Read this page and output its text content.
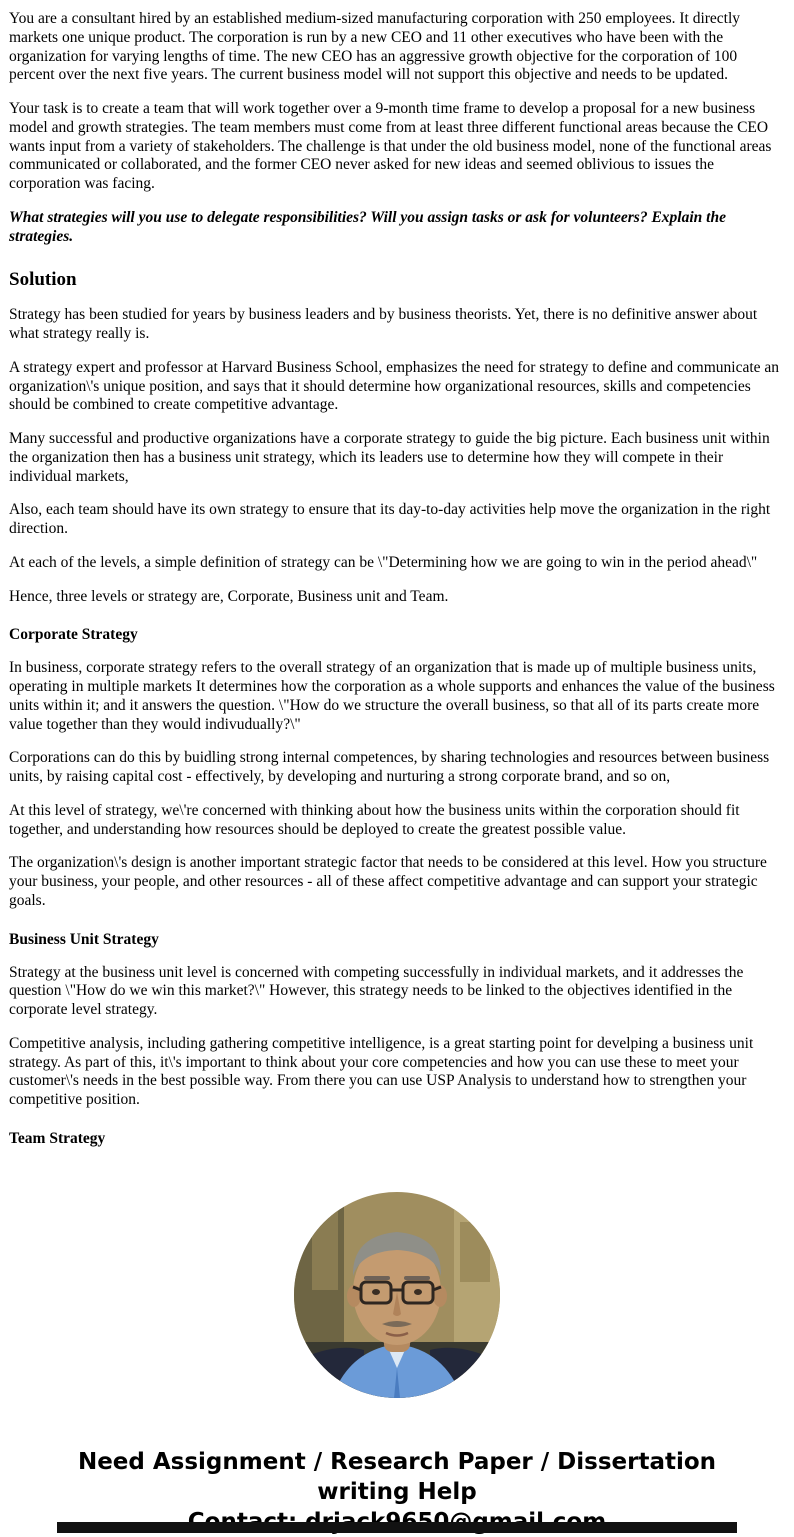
You are a consultant hired by an established medium-sized manufacturing corporation with 250 employees. It directly markets one unique product. The corporation is run by a new CEO and 11 other executives who have been with the organization for varying lengths of time. The new CEO has an aggressive growth objective for the corporation of 100 percent over the next five years. The current business model will not support this objective and needs to be updated.

Your task is to create a team that will work together over a 9-month time frame to develop a proposal for a new business model and growth strategies. The team members must come from at least three different functional areas because the CEO wants input from a variety of stakeholders. The challenge is that under the old business model, none of the functional areas communicated or collaborated, and the former CEO never asked for new ideas and seemed oblivious to issues the corporation was facing.

What strategies will you use to delegate responsibilities? Will you assign tasks or ask for volunteers? Explain the strategies.

Solution

Strategy has been studied for years by business leaders and by business theorists. Yet, there is no definitive answer about what strategy really is.

A strategy expert and professor at Harvard Business School, emphasizes the need for strategy to define and communicate an organization\'s unique position, and says that it should determine how organizational resources, skills and competencies should be combined to create competitive advantage.

Many successful and productive organizations have a corporate strategy to guide the big picture. Each business unit within the organization then has a business unit strategy, which its leaders use to determine how they will compete in their individual markets,

Also, each team should have its own strategy to ensure that its day-to-day activities help move the organization in the right direction.

At each of the levels, a simple definition of strategy can be \"Determining how we are going to win in the period ahead\"

Hence, three levels or strategy are, Corporate, Business unit and Team.

Corporate Strategy

In business, corporate strategy refers to the overall strategy of an organization that is made up of multiple business units, operating in multiple markets It determines how the corporation as a whole supports and enhances the value of the business units within it; and it answers the question. \"How do we structure the overall business, so that all of its parts create more value together than they would indivudually?\"

Corporations can do this by buidling strong internal competences, by sharing technologies and resources between business units, by raising capital cost - effectively, by developing and nurturing a strong corporate brand, and so on,

At this level of strategy, we\'re concerned with thinking about how the business units within the corporation should fit together, and understanding how resources should be deployed to create the greatest possible value.

The organization\'s design is another important strategic factor that needs to be considered at this level. How you structure your business, your people, and other resources - all of these affect competitive advantage and can support your strategic goals.

Business Unit Strategy

Strategy at the business unit level is concerned with competing successfully in individual markets, and it addresses the question \"How do we win this market?\" However, this strategy needs to be linked to the objectives identified in the corporate level strategy.

Competitive analysis, including gathering competitive intelligence, is a great starting point for develping a business unit strategy. As part of this, it\'s important to think about your core competencies and how you can use these to meet your customer\'s needs in the best possible way. From there you can use USP Analysis to understand how to strengthen your competitive position.

Team Strategy
Need Assignment / Research Paper / Dissertation writing Help
